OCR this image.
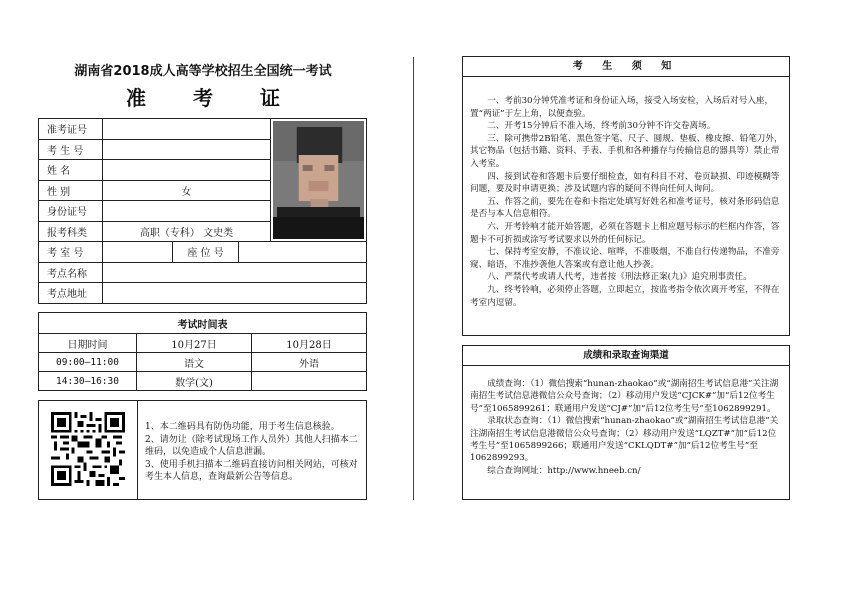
湖南省2018成人高等学校招生全国统一考试
准 考 证
准考证号		

考 生 号				
姓 名				
性 别	女			
身份证号				
报考科类	高职（专科） 文史类			
考 室 号		座 位 号		
考点名称				
考点地址				
考试时间表		
日期时间	10月27日	10月28日
09:00—11:00	语文	外语
14:30—16:30	数学(文)	
1、本二维码具有防伪功能，用于考生信息核验。
2、请勿让（除考试现场工作人员外）其他人扫描本二维码，以免造成个人信息泄漏。
3、使用手机扫描本二维码直接访问相关网站，可核对考生本人信息，查询最新公告等信息。
考 生 须 知

一、考前30分钟凭准考证和身份证入场，接受入场安检，入场后对号入座，置“两证”于左上角，以便查验。

二、开考15分钟后不准入场，终考前30分钟不许交卷离场。

三、除可携带2B铅笔、黑色签字笔、尺子、圆规、垫板、橡皮擦、铅笔刀外，其它物品（包括书籍、资料、手表、手机和各种播存与传输信息的器具等）禁止带入考室。

四、接到试卷和答题卡后要仔细检查，如有科目不对、卷页缺损、印迹模糊等问题，要及时申请更换；涉及试题内容的疑问不得向任何人询问。

五、作答之前，要先在卷和卡指定处填写好姓名和准考证号，核对条形码信息是否与本人信息相符。

六、开考铃响才能开始答题，必须在答题卡上相应题号标示的栏框内作答，答题卡不可折损或涂写考试要求以外的任何标记。

七、保持考室安静，不准议论、喧哗，不准吸烟，不准自行传递物品，不准旁窥、暗语，不准抄袭他人答案或有意让他人抄袭。

八、严禁代考或请人代考，违者按《刑法修正案(九)》追究刑事责任。

九、终考铃响，必须停止答题，立即起立，按监考指令依次离开考室，不得在考室内逗留。

成绩和录取查询渠道

成绩查询：（1）微信搜索“hunan-zhaokao”或“湖南招生考试信息港”关注湖南招生考试信息港微信公众号查询；（2）移动用户发送“CJCK#”加“后12位考生号”至1065899261；联通用户发送“CJ#”加“后12位考生号”至1062899291。

录取状态查询：（1）微信搜索“hunan-zhaokao”或“湖南招生考试信息港”关注湖南招生考试信息港微信公众号查询；（2）移动用户发送“LQZT#”加“后12位考生号”至1065899266；联通用户发送“CKLQDT#”加“后12位考生号”至1062899293。

综合查询网址：http://www.hneeb.cn/
